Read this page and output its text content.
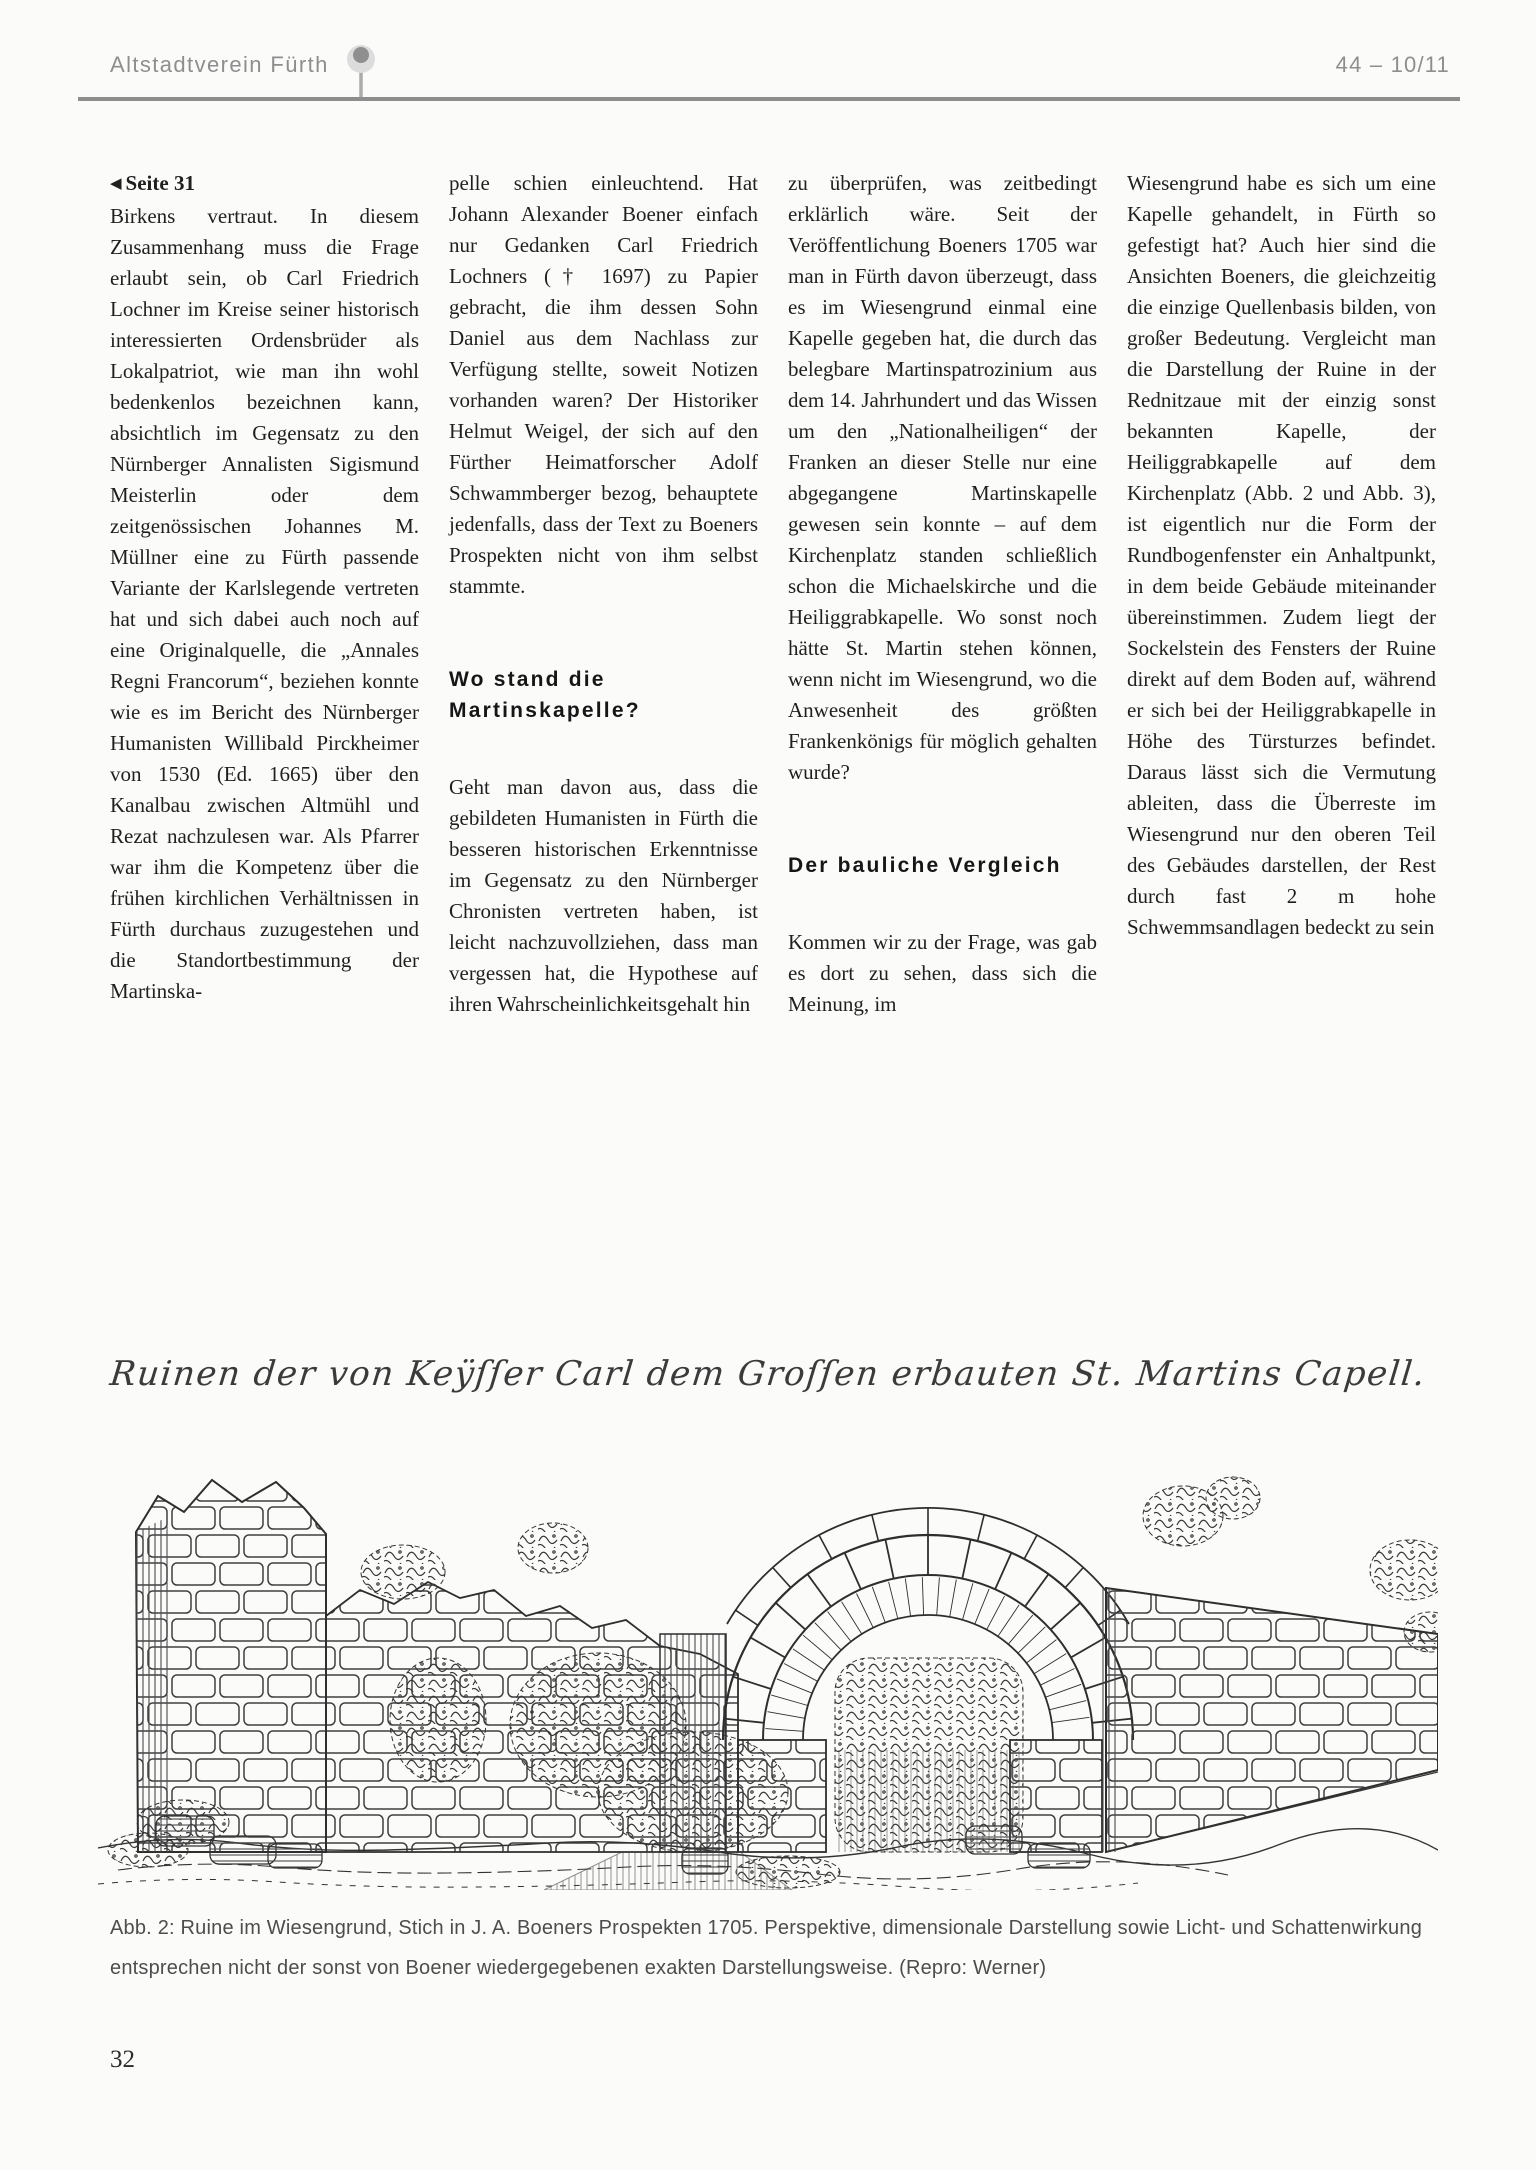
Altstadtverein Fürth	44 – 10/11

◀ Seite 31

Birkens vertraut. In diesem Zusammenhang muss die Frage erlaubt sein, ob Carl Friedrich Lochner im Kreise seiner historisch interessierten Ordensbrüder als Lokalpatriot, wie man ihn wohl bedenkenlos bezeichnen kann, absichtlich im Gegensatz zu den Nürnberger Annalisten Sigismund Meisterlin oder dem zeitgenössischen Johannes M. Müllner eine zu Fürth passende Variante der Karlslegende vertreten hat und sich dabei auch noch auf eine Originalquelle, die „Annales Regni Francorum“, beziehen konnte wie es im Bericht des Nürnberger Humanisten Willibald Pirckheimer von 1530 (Ed. 1665) über den Kanalbau zwischen Altmühl und Rezat nachzulesen war. Als Pfarrer war ihm die Kompetenz über die frühen kirchlichen Verhältnissen in Fürth durchaus zuzugestehen und die Standortbestimmung der Martinska-

pelle schien einleuchtend. Hat Johann Alexander Boener einfach nur Gedanken Carl Friedrich Lochners († 1697) zu Papier gebracht, die ihm dessen Sohn Daniel aus dem Nachlass zur Verfügung stellte, soweit Notizen vorhanden waren? Der Historiker Helmut Weigel, der sich auf den Fürther Heimatforscher Adolf Schwammberger bezog, behauptete jedenfalls, dass der Text zu Boeners Prospekten nicht von ihm selbst stammte.

Wo stand die Martinskapelle?

Geht man davon aus, dass die gebildeten Humanisten in Fürth die besseren historischen Erkenntnisse im Gegensatz zu den Nürnberger Chronisten vertreten haben, ist leicht nachzuvollziehen, dass man vergessen hat, die Hypothese auf ihren Wahrscheinlichkeitsgehalt hin

zu überprüfen, was zeitbedingt erklärlich wäre. Seit der Veröffentlichung Boeners 1705 war man in Fürth davon überzeugt, dass es im Wiesengrund einmal eine Kapelle gegeben hat, die durch das belegbare Martinspatrozinium aus dem 14. Jahrhundert und das Wissen um den „Nationalheiligen“ der Franken an dieser Stelle nur eine abgegangene Martinskapelle gewesen sein konnte – auf dem Kirchenplatz standen schließlich schon die Michaelskirche und die Heiliggrabkapelle. Wo sonst noch hätte St. Martin stehen können, wenn nicht im Wiesengrund, wo die Anwesenheit des größten Frankenkönigs für möglich gehalten wurde?

Der bauliche Vergleich

Kommen wir zu der Frage, was gab es dort zu sehen, dass sich die Meinung, im

Wiesengrund habe es sich um eine Kapelle gehandelt, in Fürth so gefestigt hat? Auch hier sind die Ansichten Boeners, die gleichzeitig die einzige Quellenbasis bilden, von großer Bedeutung. Vergleicht man die Darstellung der Ruine in der Rednitzaue mit der einzig sonst bekannten Kapelle, der Heiliggrabkapelle auf dem Kirchenplatz (Abb. 2 und Abb. 3), ist eigentlich nur die Form der Rundbogenfenster ein Anhaltpunkt, in dem beide Gebäude miteinander übereinstimmen. Zudem liegt der Sockelstein des Fensters der Ruine direkt auf dem Boden auf, während er sich bei der Heiliggrabkapelle in Höhe des Türsturzes befindet. Daraus lässt sich die Vermutung ableiten, dass die Überreste im Wiesengrund nur den oberen Teil des Gebäudes darstellen, der Rest durch fast 2 m hohe Schwemmsandlagen bedeckt zu sein

Ruinen der von Keÿſſer Carl dem Groſſen erbauten St. Martins Capell.
Abb. 2: Ruine im Wiesengrund, Stich in J. A. Boeners Prospekten 1705. Perspektive, dimensionale Darstellung sowie Licht- und Schattenwirkung entsprechen nicht der sonst von Boener wiedergegebenen exakten Darstellungsweise. (Repro: Werner)
32
